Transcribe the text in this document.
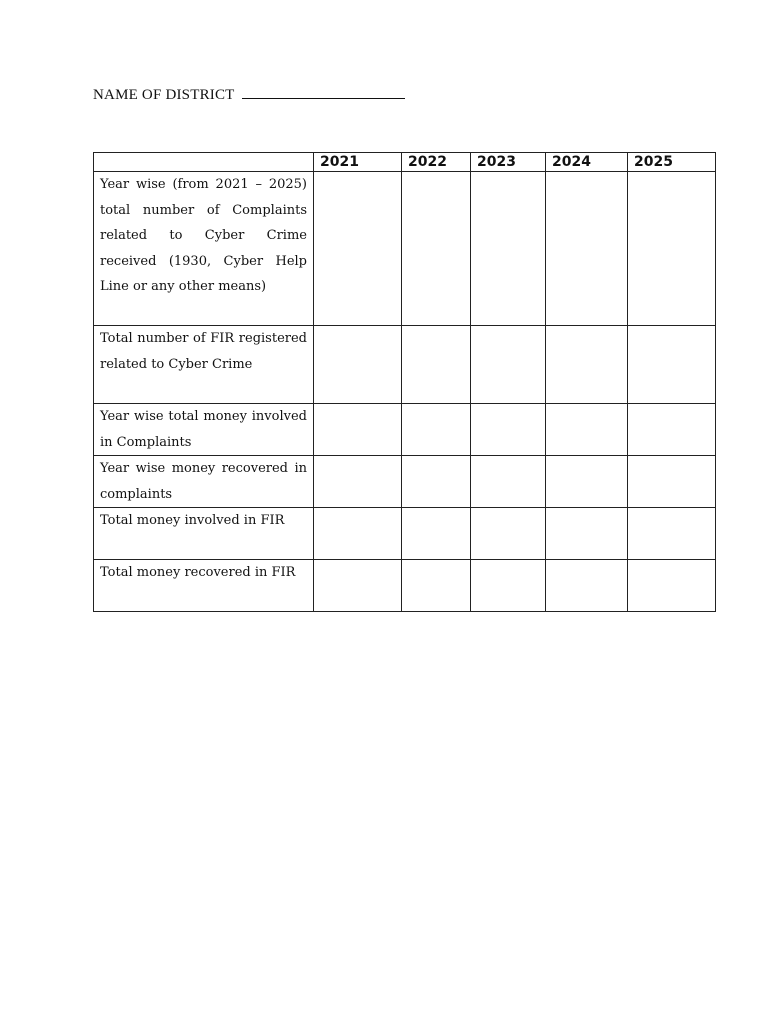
NAME OF DISTRICT
	2021	2022	2023	2024	2025
Year wise (from 2021 – 2025) total number of Complaints related to Cyber Crime received (1930, Cyber Help Line or any other means)					
Total number of FIR registered related to Cyber Crime					
Year wise total money involved in Complaints					
Year wise money recovered in complaints					
Total money involved in FIR					
Total money recovered in FIR					
